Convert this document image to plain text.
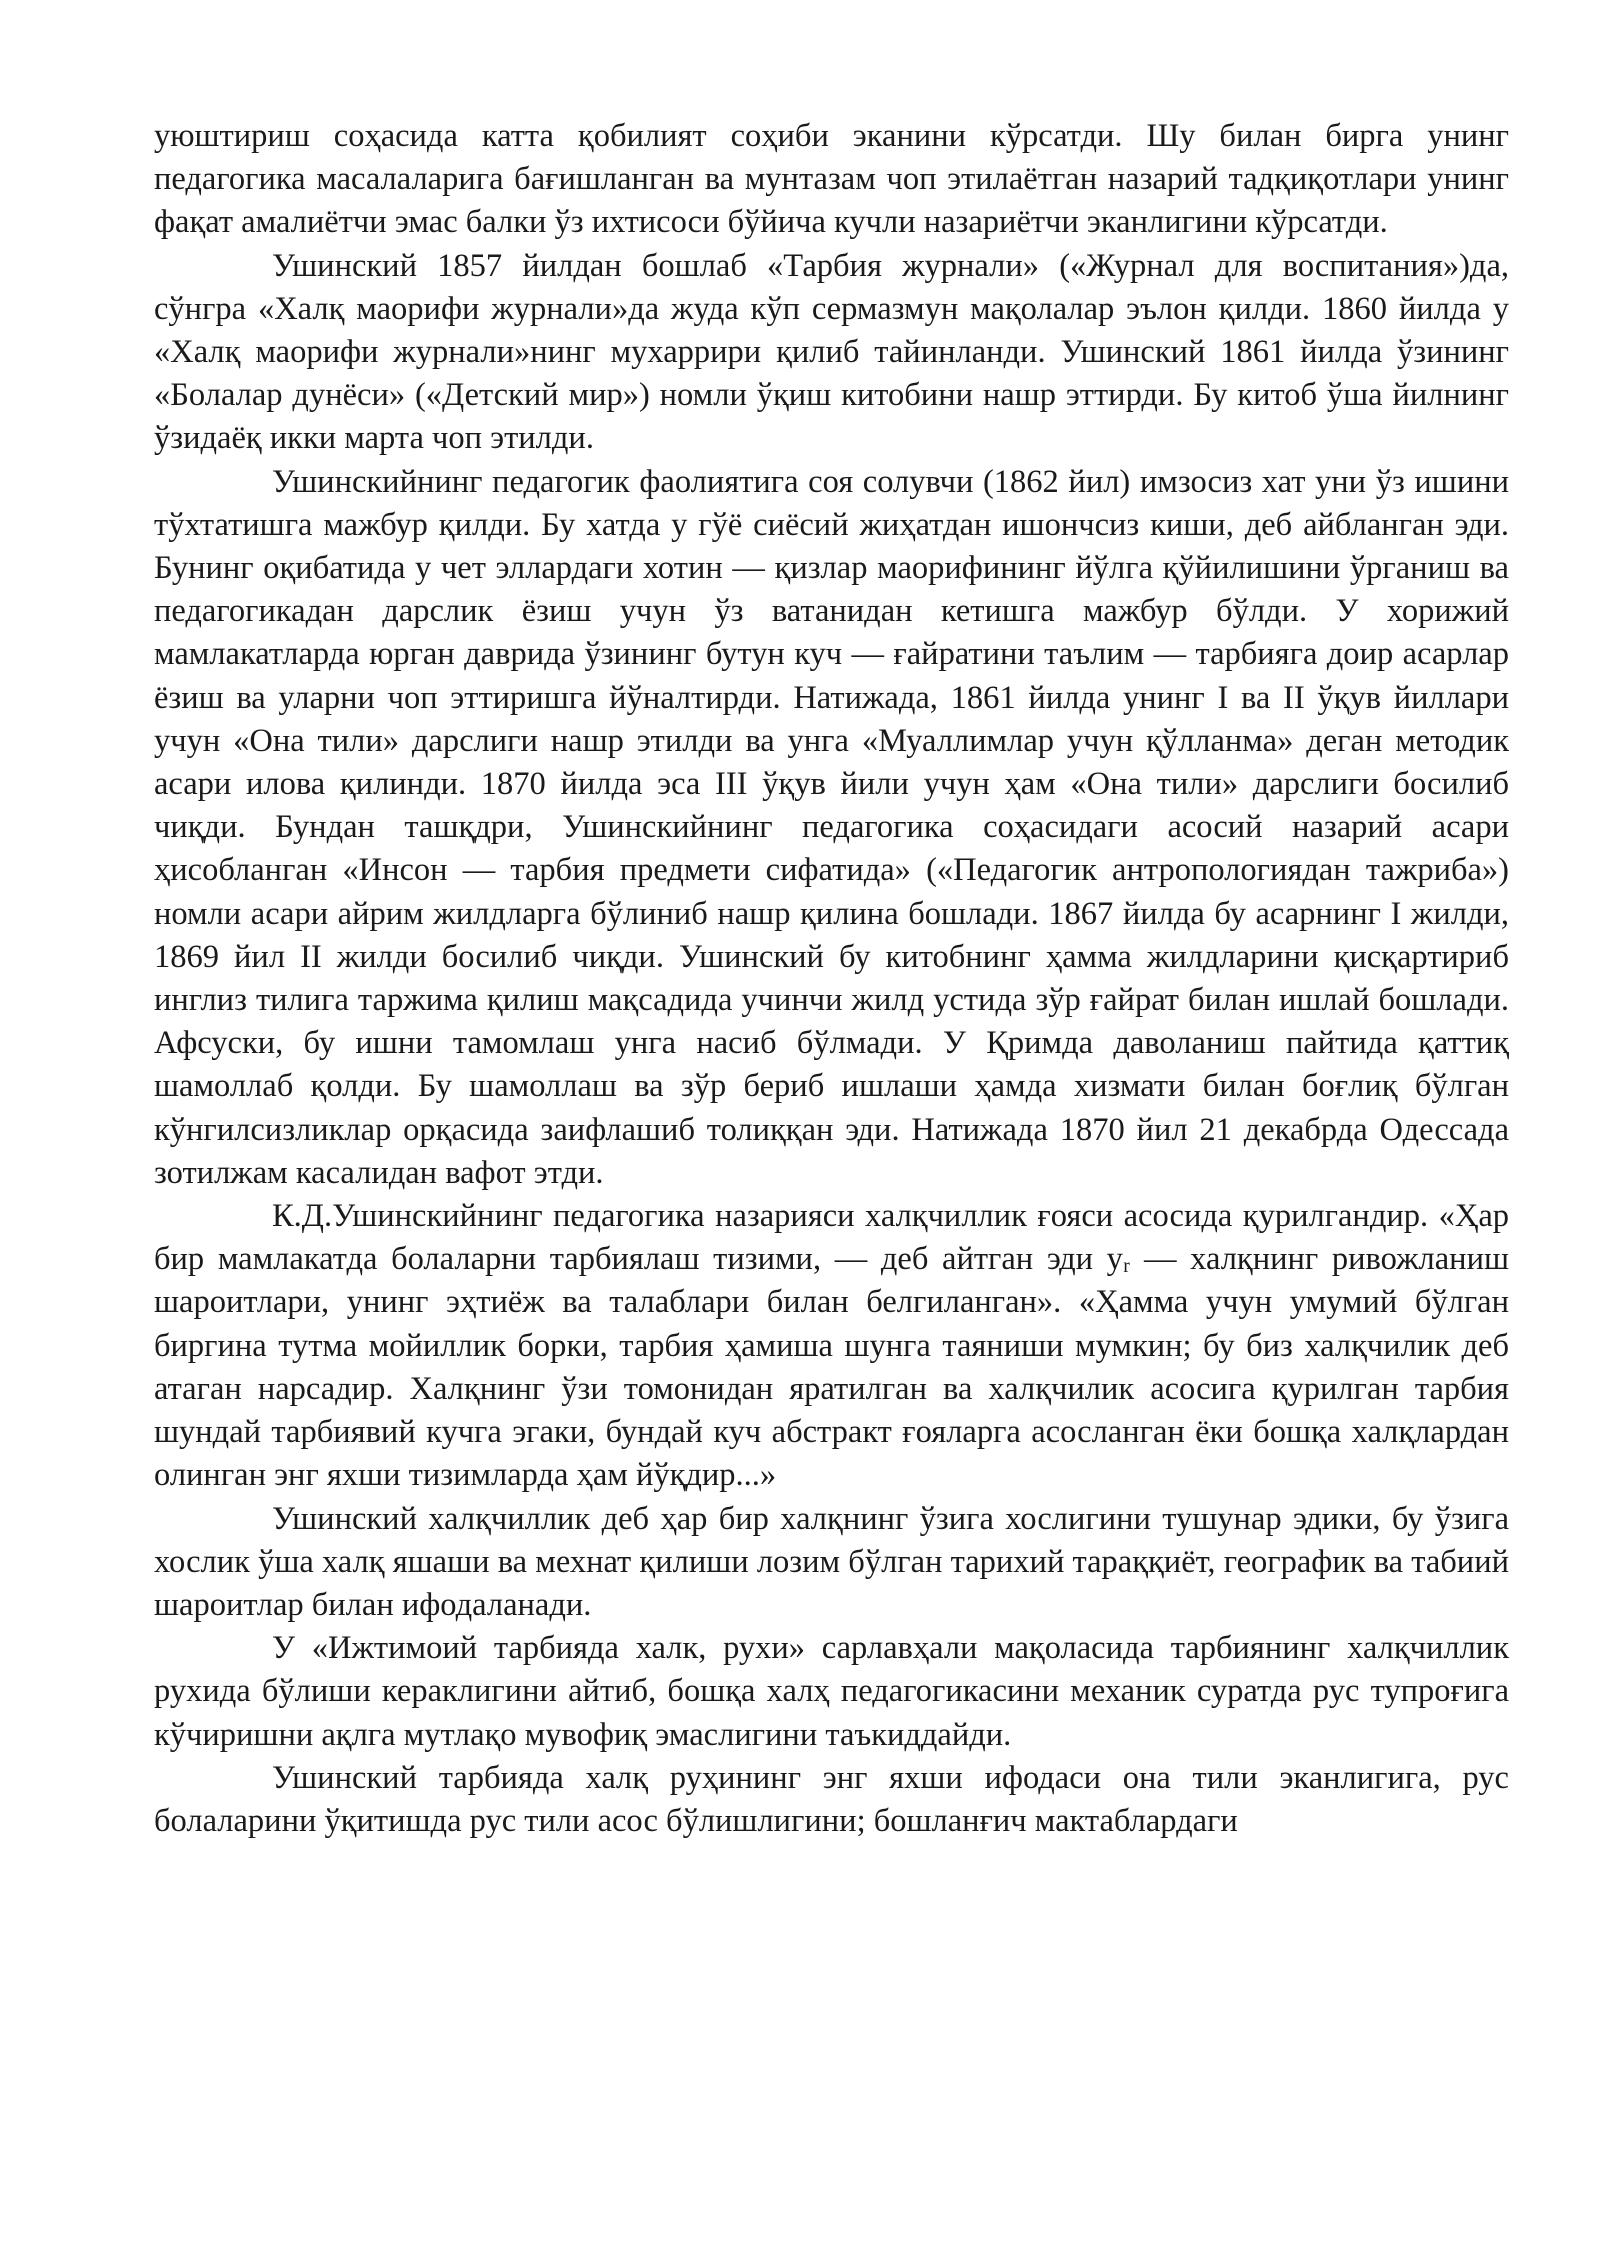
уюштириш соҳасида катта қобилият соҳиби эканини кўрсатди. Шу билан бирга унинг педагогика масалаларига бағишланган ва мунтазам чоп этилаётган назарий тадқиқотлари унинг фақат амалиётчи эмас балки ўз ихтисоси бўйича кучли назариётчи эканлигини кўрсатди.

Ушинский 1857 йилдан бошлаб «Тарбия журнали» («Журнал для воспитания»)да, сўнгра «Халқ маорифи журнали»да жуда кўп сермазмун мақолалар эълон қилди. 1860 йилда у «Халқ маорифи журнали»нинг мухаррири қилиб тайинланди. Ушинский 1861 йилда ўзининг «Болалар дунёси» («Детский мир») номли ўқиш китобини нашр эттирди. Бу китоб ўша йилнинг ўзидаёқ икки марта чоп этилди.

Ушинскийнинг педагогик фаолиятига соя солувчи (1862 йил) имзосиз хат уни ўз ишини тўхтатишга мажбур қилди. Бу хатда у гўё сиёсий жиҳатдан ишончсиз киши, деб айбланган эди. Бунинг оқибатида у чет эллардаги хотин — қизлар маорифининг йўлга қўйилишини ўрганиш ва педагогикадан дарслик ёзиш учун ўз ватанидан кетишга мажбур бўлди. У хорижий мамлакатларда юрган даврида ўзининг бутун куч — ғайратини таълим — тарбияга доир асарлар ёзиш ва уларни чоп эттиришга йўналтирди. Натижада, 1861 йилда унинг I ва II ўқув йиллари учун «Она тили» дарслиги нашр этилди ва унга «Муаллимлар учун қўлланма» деган методик асари илова қилинди. 1870 йилда эса III ўқув йили учун ҳам «Она тили» дарслиги босилиб чиқди. Бундан ташқдри, Ушинскийнинг педагогика соҳасидаги асосий назарий асари ҳисобланган «Инсон — тарбия предмети сифатида» («Педагогик антропологиядан тажриба») номли асари айрим жилдларга бўлиниб нашр қилина бошлади. 1867 йилда бу асарнинг I жилди, 1869 йил II жилди босилиб чиқди. Ушинский бу китобнинг ҳамма жилдларини қисқартириб инглиз тилига таржима қилиш мақсадида учинчи жилд устида зўр ғайрат билан ишлай бошлади. Афсуски, бу ишни тамомлаш унга насиб бўлмади. У Қримда даволаниш пайтида қаттиқ шамоллаб қолди. Бу шамоллаш ва зўр бериб ишлаши ҳамда хизмати билан боғлиқ бўлган кўнгилсизликлар орқасида заифлашиб толиққан эди. Натижада 1870 йил 21 декабрда Одессада зотилжам касалидан вафот этди.

К.Д.Ушинскийнинг педагогика назарияси халқчиллик ғояси асосида қурилгандир. «Ҳар бир мамлакатда болаларни тарбиялаш тизими, — деб айтган эди уᵣ — халқнинг ривожланиш шароитлари, унинг эҳтиёж ва талаблари билан белгиланган». «Ҳамма учун умумий бўлган биргина тутма мойиллик борки, тарбия ҳамиша шунга таяниши мумкин; бу биз халқчилик деб атаган нарсадир. Халқнинг ўзи томонидан яратилган ва халқчилик асосига қурилган тарбия шундай тарбиявий кучга эгаки, бундай куч абстракт ғояларга асосланган ёки бошқа халқлардан олинган энг яхши тизимларда ҳам йўқдир...»

Ушинский халқчиллик деб ҳар бир халқнинг ўзига хослигини тушунар эдики, бу ўзига хослик ўша халқ яшаши ва мехнат қилиши лозим бўлган тарихий тараққиёт, географик ва табиий шароитлар билан ифодаланади.

У «Ижтимоий тарбияда халк, рухи» сарлавҳали мақоласида тарбиянинг халқчиллик рухида бўлиши кераклигини айтиб, бошқа халҳ педагогикасини механик суратда рус тупроғига кўчиришни ақлга мутлақо мувофиқ эмаслигини таъкиддайди.

Ушинский тарбияда халқ руҳининг энг яхши ифодаси она тили эканлигига, рус болаларини ўқитишда рус тили асос бўлишлигини; бошланғич мактаблардаги
